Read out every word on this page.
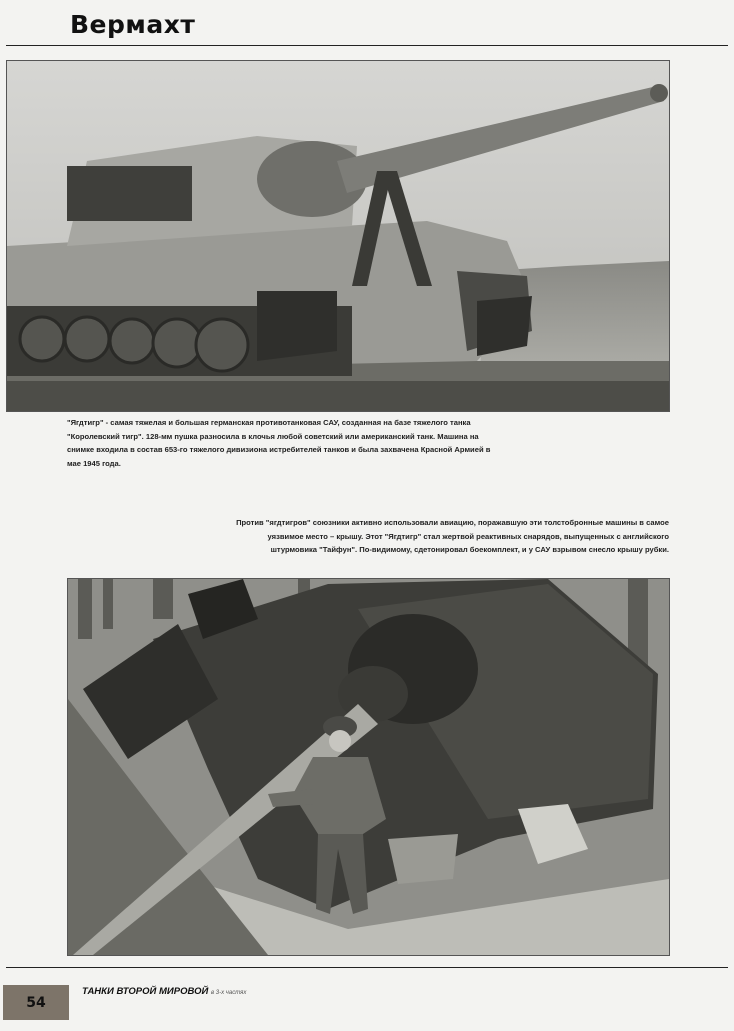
Вермахт

"Ягдтигр" - самая тяжелая и большая германская противотанковая САУ, созданная на базе тяжелого танка "Королевский тигр". 128-мм пушка разносила в клочья любой советский или американский танк. Машина на снимке входила в состав 653-го тяжелого дивизиона истребителей танков и была захвачена Красной Армией в мае 1945 года.

Против "ягдтигров" союзники активно использовали авиацию, поражавшую эти толстобронные машины в самое уязвимое место – крышу. Этот "Ягдтигр" стал жертвой реактивных снарядов, выпущенных с английского штурмовика "Тайфун". По-видимому, сдетонировал боекомплект, и у САУ взрывом снесло крышу рубки.

54
ТАНКИ ВТОРОЙ МИРОВОЙ в 3-х частях
